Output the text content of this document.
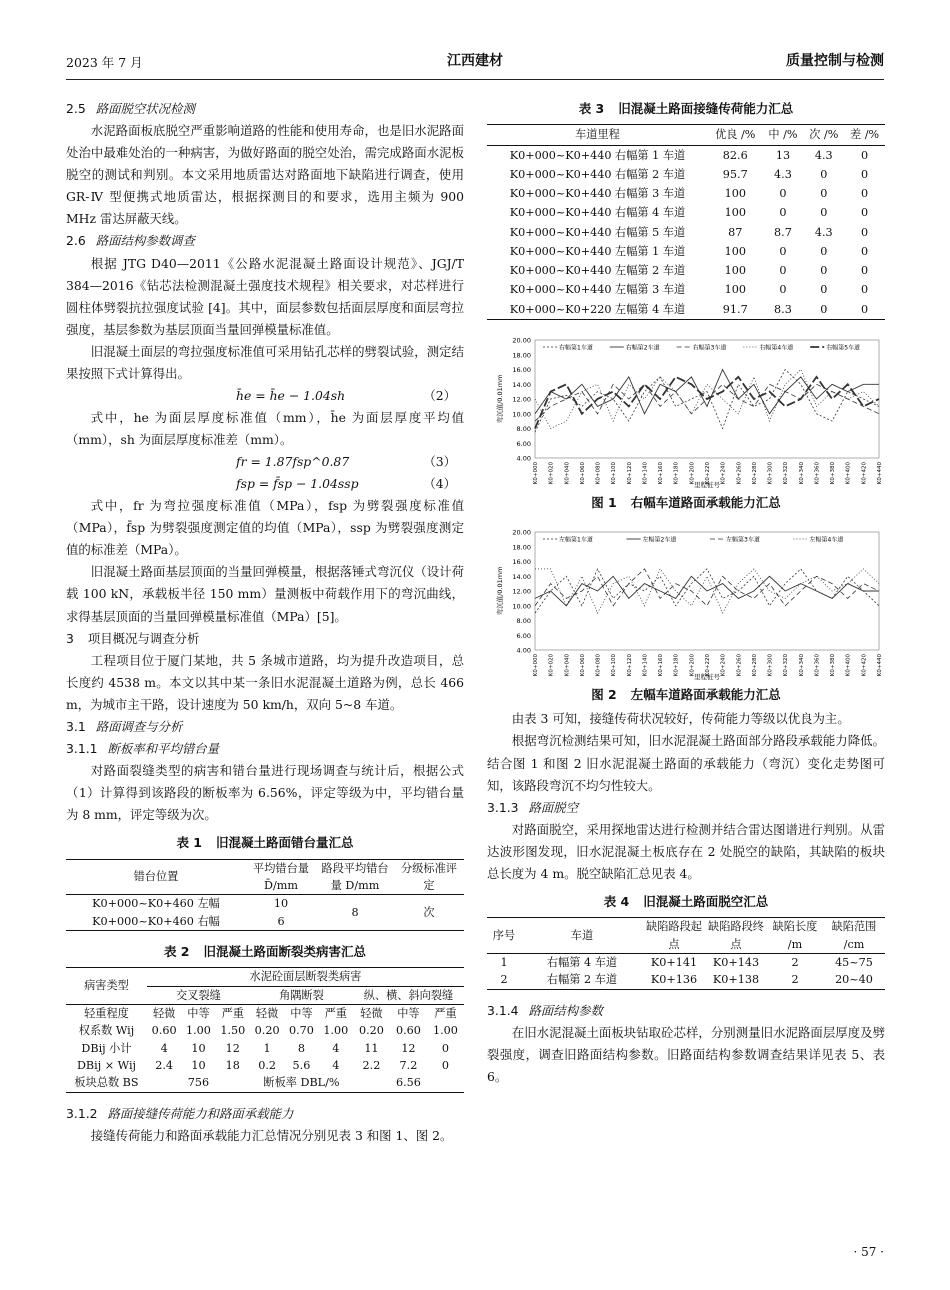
2023 年 7 月	江西建材	质量控制与检测
2.5 路面脱空状况检测

水泥路面板底脱空严重影响道路的性能和使用寿命，也是旧水泥路面处治中最难处治的一种病害，为做好路面的脱空处治，需完成路面水泥板脱空的测试和判别。本文采用地质雷达对路面地下缺陷进行调查，使用 GR-Ⅳ 型便携式地质雷达，根据探测目的和要求，选用主频为 900 MHz 雷达屏蔽天线。

2.6 路面结构参数调查

根据 JTG D40—2011《公路水泥混凝土路面设计规范》、JGJ/T 384—2016《钻芯法检测混凝土强度技术规程》相关要求，对芯样进行圆柱体劈裂抗拉强度试验 [4]。其中，面层参数包括面层厚度和面层弯拉强度，基层参数为基层顶面当量回弹模量标准值。

旧混凝土面层的弯拉强度标准值可采用钻孔芯样的劈裂试验，测定结果按照下式计算得出。

h̄e = h̄e − 1.04sh	（2）

式中，he 为面层厚度标准值（mm），h̄e 为面层厚度平均值（mm），sh 为面层厚度标准差（mm）。

fr = 1.87fsp^0.87	（3）
fsp = f̄sp − 1.04ssp	（4）

式中，fr 为弯拉强度标准值（MPa），fsp 为劈裂强度标准值（MPa），f̄sp 为劈裂强度测定值的均值（MPa），ssp 为劈裂强度测定值的标准差（MPa）。

旧混凝土路面基层顶面的当量回弹模量，根据落锤式弯沉仪（设计荷载 100 kN，承载板半径 150 mm）量测板中荷载作用下的弯沉曲线，求得基层顶面的当量回弹模量标准值（MPa）[5]。

3 项目概况与调查分析

工程项目位于厦门某地，共 5 条城市道路，均为提升改造项目，总长度约 4538 m。本文以其中某一条旧水泥混凝土道路为例，总长 466 m，为城市主干路，设计速度为 50 km/h，双向 5~8 车道。

3.1 路面调查与分析
3.1.1 断板率和平均错台量

对路面裂缝类型的病害和错台量进行现场调查与统计后，根据公式（1）计算得到该路段的断板率为 6.56%，评定等级为中，平均错台量为 8 mm，评定等级为次。

表 1 旧混凝土路面错台量汇总
错台位置	平均错台量 D̄/mm	路段平均错台量 D/mm	分级标准评定
K0+000~K0+460 左幅	10	8	次
K0+000~K0+460 右幅	6		
表 2 旧混凝土路面断裂类病害汇总
病害类型	水泥砼面层断裂类病害								
	交叉裂缝			角隅断裂			纵、横、斜向裂缝		
轻重程度	轻微	中等	严重	轻微	中等	严重	轻微	中等	严重
权系数 Wij	0.60	1.00	1.50	0.20	0.70	1.00	0.20	0.60	1.00
DBij 小计	4	10	12	1	8	4	11	12	0
DBij × Wij	2.4	10	18	0.2	5.6	4	2.2	7.2	0
板块总数 BS	756			断板率 DBL/%			6.56		
3.1.2 路面接缝传荷能力和路面承载能力

接缝传荷能力和路面承载能力汇总情况分别见表 3 和图 1、图 2。

表 3 旧混凝土路面接缝传荷能力汇总
车道里程	优良 /%	中 /%	次 /%	差 /%
K0+000~K0+440 右幅第 1 车道	82.6	13	4.3	0
K0+000~K0+440 右幅第 2 车道	95.7	4.3	0	0
K0+000~K0+440 右幅第 3 车道	100	0	0	0
K0+000~K0+440 右幅第 4 车道	100	0	0	0
K0+000~K0+440 右幅第 5 车道	87	8.7	4.3	0
K0+000~K0+440 左幅第 1 车道	100	0	0	0
K0+000~K0+440 左幅第 2 车道	100	0	0	0
K0+000~K0+440 左幅第 3 车道	100	0	0	0
K0+000~K0+220 左幅第 4 车道	91.7	8.3	0	0
4.00
6.00
8.00
10.00
12.00
14.00
16.00
18.00
20.00
弯沉值/0.01mm
K0+000 K0+020 K0+040 K0+060 K0+080 K0+100 K0+120 K0+140 K0+160 K0+180 K0+200 K0+220 K0+240 K0+260 K0+280 K0+300 K0+320 K0+340 K0+360 K0+380 K0+400 K0+420 K0+440
里程桩号
右幅第1车道	右幅第2车道	右幅第3车道	右幅第4车道	右幅第5车道
图 1 右幅车道路面承载能力汇总
4.00
6.00
8.00
10.00
12.00
14.00
16.00
18.00
20.00
弯沉值/0.01mm
K0+000 K0+020 K0+040 K0+060 K0+080 K0+100 K0+120 K0+140 K0+160 K0+180 K0+200 K0+220 K0+240 K0+260 K0+280 K0+300 K0+320 K0+340 K0+360 K0+380 K0+400 K0+420 K0+440
里程桩号
左幅第1车道	左幅第2车道	左幅第3车道	左幅第4车道
图 2 左幅车道路面承载能力汇总

由表 3 可知，接缝传荷状况较好，传荷能力等级以优良为主。

根据弯沉检测结果可知，旧水泥混凝土路面部分路段承载能力降低。结合图 1 和图 2 旧水泥混凝土路面的承载能力（弯沉）变化走势图可知，该路段弯沉不均匀性较大。

3.1.3 路面脱空

对路面脱空，采用探地雷达进行检测并结合雷达图谱进行判别。从雷达波形图发现，旧水泥混凝土板底存在 2 处脱空的缺陷，其缺陷的板块总长度为 4 m。脱空缺陷汇总见表 4。

表 4 旧混凝土路面脱空汇总
序号	车道	缺陷路段起点	缺陷路段终点	缺陷长度 /m	缺陷范围 /cm
1	右幅第 4 车道	K0+141	K0+143	2	45~75
2	右幅第 2 车道	K0+136	K0+138	2	20~40
3.1.4 路面结构参数

在旧水泥混凝土面板块钻取砼芯样，分别测量旧水泥路面层厚度及劈裂强度，调查旧路面结构参数。旧路面结构参数调查结果详见表 5、表 6。

· 57 ·
